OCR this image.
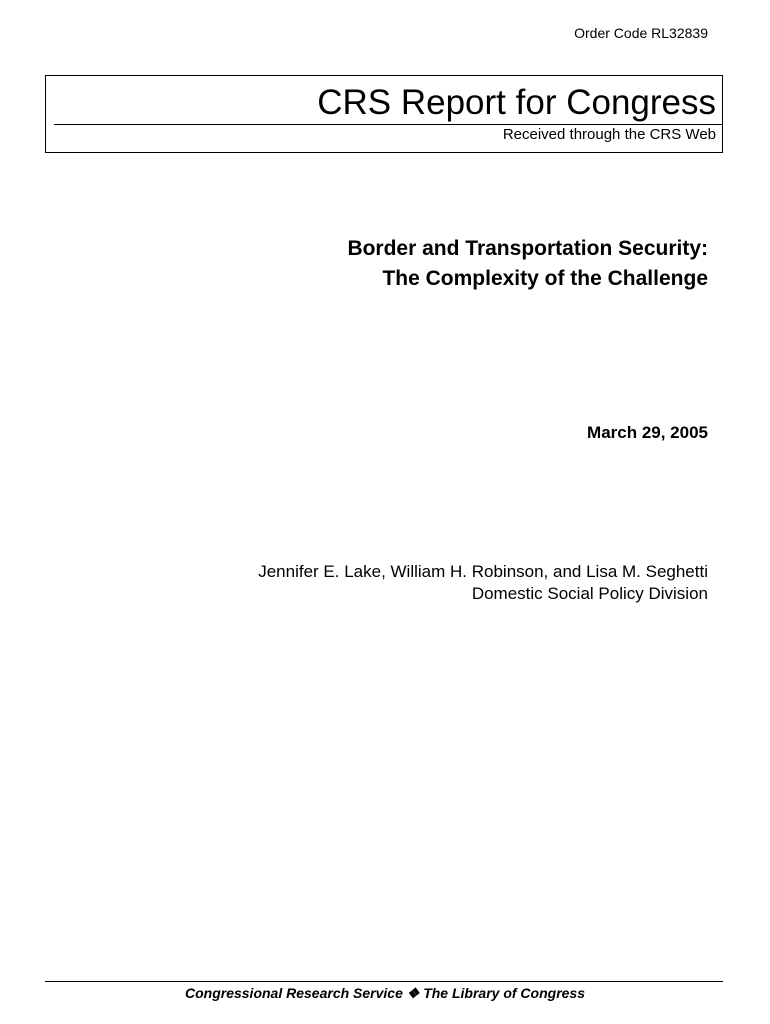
Order Code RL32839
CRS Report for Congress
Received through the CRS Web
Border and Transportation Security:
The Complexity of the Challenge
March 29, 2005
Jennifer E. Lake, William H. Robinson, and Lisa M. Seghetti
Domestic Social Policy Division
Congressional Research Service ❖ The Library of Congress
